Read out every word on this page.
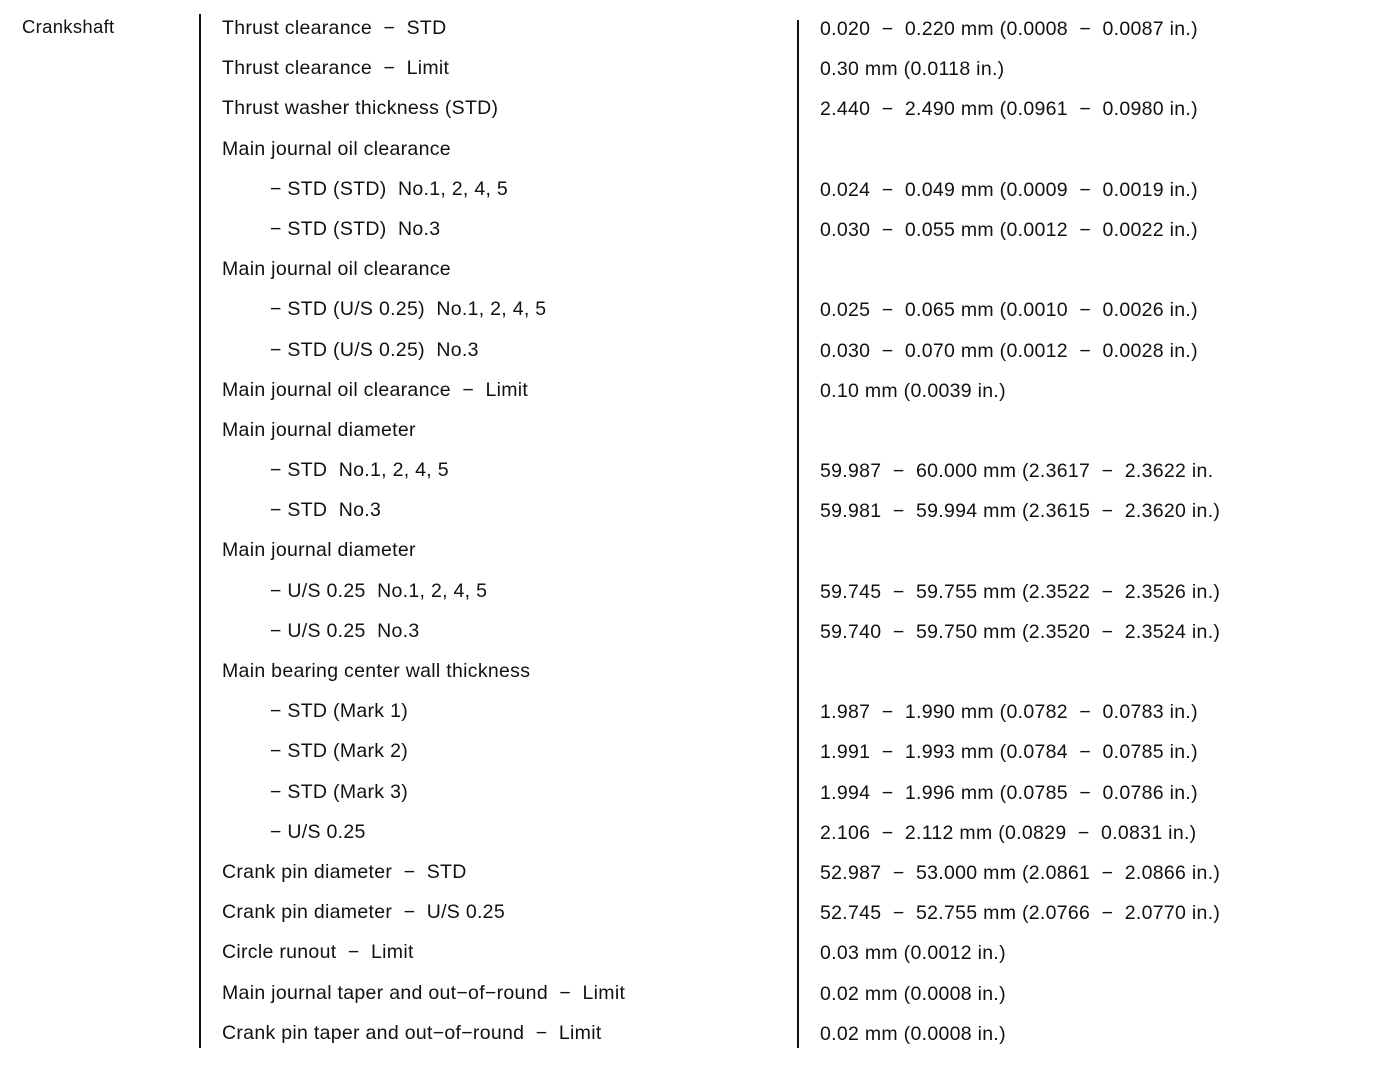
Crankshaft	Thrust clearance  −  STD	0.020  −  0.220 mm (0.0008  −  0.0087 in.)
Thrust clearance  −  Limit	0.30 mm (0.0118 in.)
Thrust washer thickness (STD)	2.440  −  2.490 mm (0.0961  −  0.0980 in.)
Main journal oil clearance
− STD (STD)  No.1, 2, 4, 5	0.024  −  0.049 mm (0.0009  −  0.0019 in.)
− STD (STD)  No.3	0.030  −  0.055 mm (0.0012  −  0.0022 in.)
Main journal oil clearance
− STD (U/S 0.25)  No.1, 2, 4, 5	0.025  −  0.065 mm (0.0010  −  0.0026 in.)
− STD (U/S 0.25)  No.3	0.030  −  0.070 mm (0.0012  −  0.0028 in.)
Main journal oil clearance  −  Limit	0.10 mm (0.0039 in.)
Main journal diameter
− STD  No.1, 2, 4, 5	59.987  −  60.000 mm (2.3617  −  2.3622 in.
− STD  No.3	59.981  −  59.994 mm (2.3615  −  2.3620 in.)
Main journal diameter
− U/S 0.25  No.1, 2, 4, 5	59.745  −  59.755 mm (2.3522  −  2.3526 in.)
− U/S 0.25  No.3	59.740  −  59.750 mm (2.3520  −  2.3524 in.)
Main bearing center wall thickness
− STD (Mark 1)	1.987  −  1.990 mm (0.0782  −  0.0783 in.)
− STD (Mark 2)	1.991  −  1.993 mm (0.0784  −  0.0785 in.)
− STD (Mark 3)	1.994  −  1.996 mm (0.0785  −  0.0786 in.)
− U/S 0.25	2.106  −  2.112 mm (0.0829  −  0.0831 in.)
Crank pin diameter  −  STD	52.987  −  53.000 mm (2.0861  −  2.0866 in.)
Crank pin diameter  −  U/S 0.25	52.745  −  52.755 mm (2.0766  −  2.0770 in.)
Circle runout  −  Limit	0.03 mm (0.0012 in.)
Main journal taper and out−of−round  −  Limit	0.02 mm (0.0008 in.)
Crank pin taper and out−of−round  −  Limit	0.02 mm (0.0008 in.)
